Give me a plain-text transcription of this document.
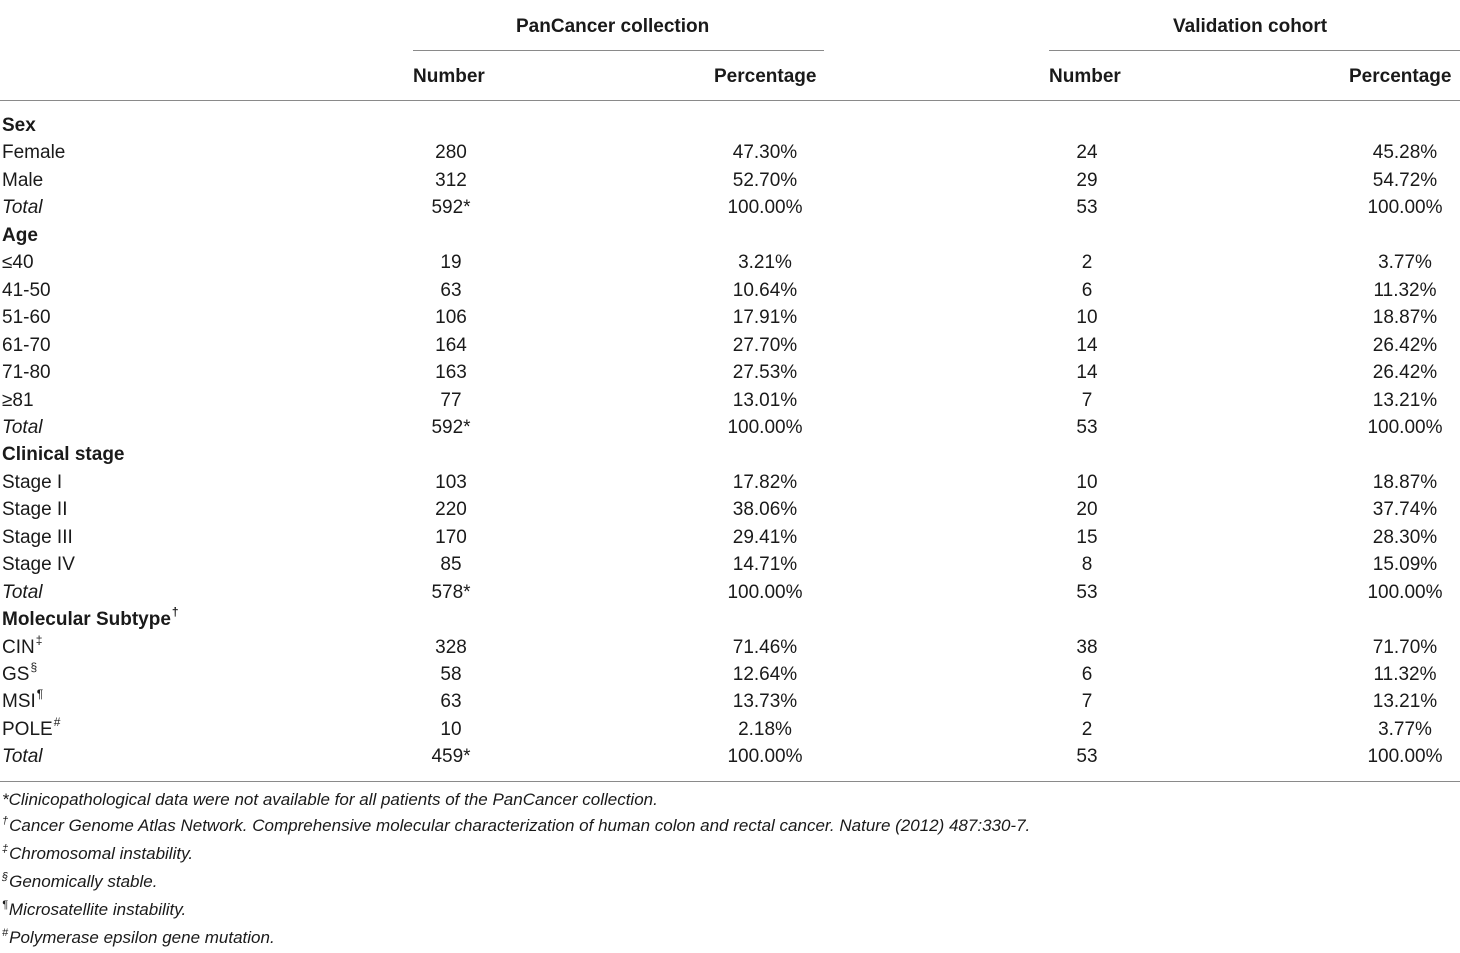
PanCancer collection	Validation cohort
Number	Percentage	Number	Percentage
Sex
Female	280	47.30%	24	45.28%
Male	312	52.70%	29	54.72%
Total	592*	100.00%	53	100.00%
Age
≤40	19	3.21%	2	3.77%
41-50	63	10.64%	6	11.32%
51-60	106	17.91%	10	18.87%
61-70	164	27.70%	14	26.42%
71-80	163	27.53%	14	26.42%
≥81	77	13.01%	7	13.21%
Total	592*	100.00%	53	100.00%
Clinical stage
Stage I	103	17.82%	10	18.87%
Stage II	220	38.06%	20	37.74%
Stage III	170	29.41%	15	28.30%
Stage IV	85	14.71%	8	15.09%
Total	578*	100.00%	53	100.00%
Molecular Subtype †
CIN ‡	328	71.46%	38	71.70%
GS §	58	12.64%	6	11.32%
MSI ¶	63	13.73%	7	13.21%
POLE #	10	2.18%	2	3.77%
Total	459*	100.00%	53	100.00%
*Clinicopathological data were not available for all patients of the PanCancer collection.
†Cancer Genome Atlas Network. Comprehensive molecular characterization of human colon and rectal cancer. Nature (2012) 487:330-7.
‡Chromosomal instability.
§Genomically stable.
¶Microsatellite instability.
#Polymerase epsilon gene mutation.
